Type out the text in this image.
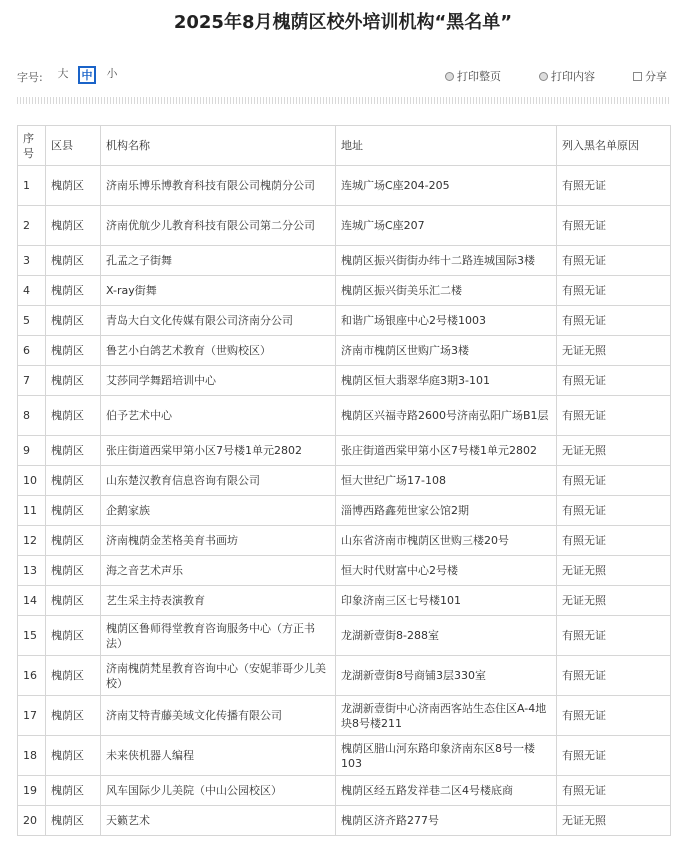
2025年8月槐荫区校外培训机构“黑名单”
字号:	大	中	小	打印整页	打印内容	分享
序号	区县	机构名称	地址	列入黑名单原因
1	槐荫区	济南乐博乐博教育科技有限公司槐荫分公司	连城广场C座204-205	有照无证
2	槐荫区	济南优航少儿教育科技有限公司第二分公司	连城广场C座207	有照无证
3	槐荫区	孔孟之子街舞	槐荫区振兴街街办纬十二路连城国际3楼	有照无证
4	槐荫区	X-ray街舞	槐荫区振兴街美乐汇二楼	有照无证
5	槐荫区	青岛大白文化传媒有限公司济南分公司	和谐广场银座中心2号楼1003	有照无证
6	槐荫区	鲁艺小白鸽艺术教育（世购校区）	济南市槐荫区世购广场3楼	无证无照
7	槐荫区	艾莎同学舞蹈培训中心	槐荫区恒大翡翠华庭3期3-101	有照无证
8	槐荫区	伯予艺术中心	槐荫区兴福寺路2600号济南弘阳广场B1层	有照无证
9	槐荫区	张庄街道西棠甲第小区7号楼1单元2802	张庄街道西棠甲第小区7号楼1单元2802	无证无照
10	槐荫区	山东楚汉教育信息咨询有限公司	恒大世纪广场17-108	有照无证
11	槐荫区	企鹅家族	淄博西路鑫苑世家公馆2期	有照无证
12	槐荫区	济南槐荫金苤格美育书画坊	山东省济南市槐荫区世购三楼20号	有照无证
13	槐荫区	海之音艺术声乐	恒大时代财富中心2号楼	无证无照
14	槐荫区	艺生采主持表演教育	印象济南三区七号楼101	无证无照
15	槐荫区	槐荫区鲁师得堂教育咨询服务中心（方正书法）	龙湖新壹街8-288室	有照无证
16	槐荫区	济南槐荫梵星教育咨询中心（安妮菲哥少儿美校）	龙湖新壹街8号商铺3层330室	有照无证
17	槐荫区	济南艾特青藤美域文化传播有限公司	龙湖新壹街中心济南西客站生态住区A-4地块8号楼211	有照无证
18	槐荫区	未来侠机器人编程	槐荫区腊山河东路印象济南东区8号一楼103	有照无证
19	槐荫区	风车国际少儿美院（中山公园校区）	槐荫区经五路发祥巷二区4号楼底商	有照无证
20	槐荫区	天籁艺术	槐荫区济齐路277号	无证无照
